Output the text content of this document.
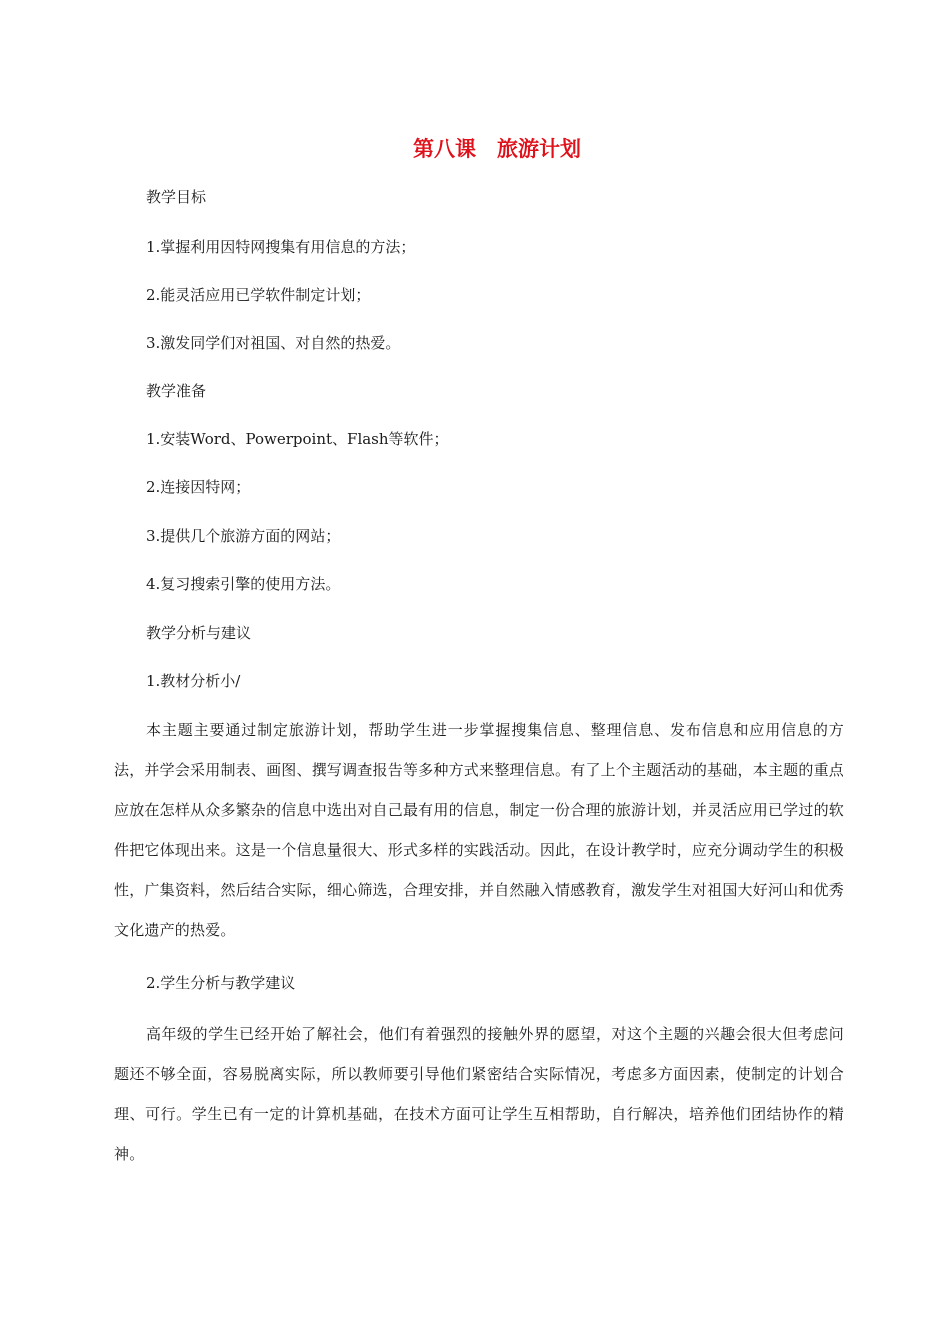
第八课　旅游计划
教学目标
1.掌握利用因特网搜集有用信息的方法；
2.能灵活应用已学软件制定计划；
3.激发同学们对祖国、对自然的热爱。
教学准备
1.安装Word、Powerpoint、Flash等软件；
2.连接因特网；
3.提供几个旅游方面的网站；
4.复习搜索引擎的使用方法。
教学分析与建议
1.教材分析小/
本主题主要通过制定旅游计划，帮助学生进一步掌握搜集信息、整理信息、发布信息和应用信息的方法，并学会采用制表、画图、撰写调查报告等多种方式来整理信息。有了上个主题活动的基础，本主题的重点应放在怎样从众多繁杂的信息中选出对自己最有用的信息，制定一份合理的旅游计划，并灵活应用已学过的软件把它体现出来。这是一个信息量很大、形式多样的实践活动。因此，在设计教学时，应充分调动学生的积极性，广集资料，然后结合实际，细心筛选，合理安排，并自然融入情感教育，激发学生对祖国大好河山和优秀文化遗产的热爱。
2.学生分析与教学建议
高年级的学生已经开始了解社会，他们有着强烈的接触外界的愿望，对这个主题的兴趣会很大但考虑问题还不够全面，容易脱离实际，所以教师要引导他们紧密结合实际情况，考虑多方面因素，使制定的计划合理、可行。学生已有一定的计算机基础，在技术方面可让学生互相帮助，自行解决，培养他们团结协作的精神。
